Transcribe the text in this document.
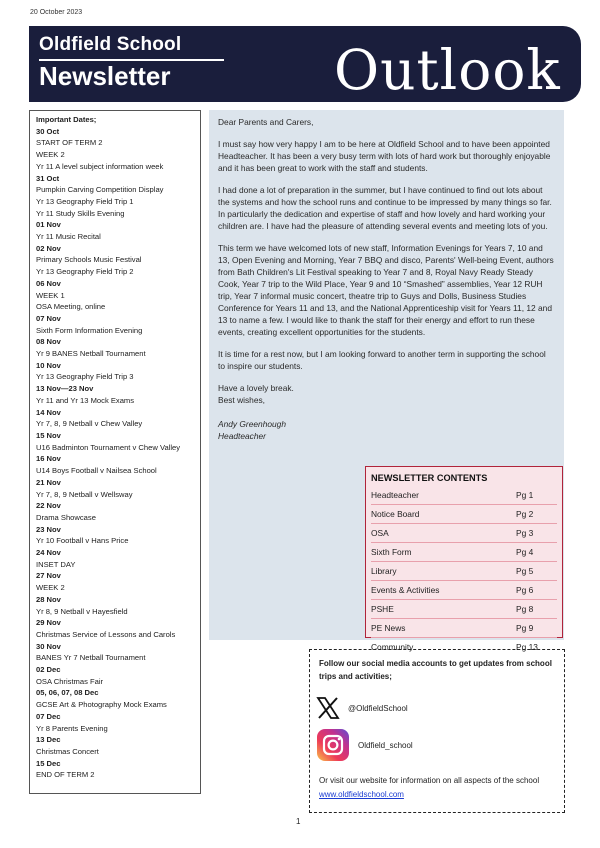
20 October 2023
Oldfield School
Newsletter	Outlook
Important Dates;
30 Oct
START OF TERM 2
WEEK 2
Yr 11 A level subject information week
31 Oct
Pumpkin Carving Competition Display
Yr 13 Geography Field Trip 1
Yr 11 Study Skills Evening
01 Nov
Yr 11 Music Recital
02 Nov
Primary Schools Music Festival
Yr 13 Geography Field Trip 2
06 Nov
WEEK 1
OSA Meeting, online
07 Nov
Sixth Form Information Evening
08 Nov
Yr 9 BANES Netball Tournament
10 Nov
Yr 13 Geography Field Trip 3
13 Nov—23 Nov
Yr 11 and Yr 13 Mock Exams
14 Nov
Yr 7, 8, 9 Netball v Chew Valley
15 Nov
U16 Badminton Tournament v Chew Valley
16 Nov
U14 Boys Football v Nailsea School
21 Nov
Yr 7, 8, 9 Netball v Wellsway
22 Nov
Drama Showcase
23 Nov
Yr 10 Football v Hans Price
24 Nov
INSET DAY
27 Nov
WEEK 2
28 Nov
Yr 8, 9 Netball v Hayesfield
29 Nov
Christmas Service of Lessons and Carols
30 Nov
BANES Yr 7 Netball Tournament
02 Dec
OSA Christmas Fair
05, 06, 07, 08 Dec
GCSE Art & Photography Mock Exams
07 Dec
Yr 8 Parents Evening
13 Dec
Christmas Concert
15 Dec
END OF TERM 2

Dear Parents and Carers,

I must say how very happy I am to be here at Oldfield School and to have been appointed Headteacher. It has been a very busy term with lots of hard work but thoroughly enjoyable and it has been great to work with the staff and students.

I had done a lot of preparation in the summer, but I have continued to find out lots about the systems and how the school runs and continue to be impressed by many things so far. In particularly the dedication and expertise of staff and how lovely and hard working your children are. I have had the pleasure of attending several events and meeting lots of you.

This term we have welcomed lots of new staff, Information Evenings for Years 7, 10 and 13, Open Evening and Morning, Year 7 BBQ and disco, Parents' Well-being Event, authors from Bath Children's Lit Festival speaking to Year 7 and 8, Royal Navy Ready Steady Cook, Year 7 trip to the Wild Place, Year 9 and 10 “Smashed” assemblies, Year 12 RUH trip, Year 7 informal music concert, theatre trip to Guys and Dolls, Business Studies Conference for Years 11 and 13, and the National Apprenticeship visit for Years 11, 12 and 13 to name a few. I would like to thank the staff for their energy and effort to run these events, creating excellent opportunities for the students.

It is time for a rest now, but I am looking forward to another term in supporting the school to inspire our students.

Have a lovely break.
Best wishes,
Andy Greenhough
Headteacher
NEWSLETTER CONTENTS
Headteacher	Pg 1
Notice Board	Pg 2
OSA	Pg 3
Sixth Form	Pg 4
Library	Pg 5
Events & Activities	Pg 6
PSHE	Pg 8
PE News	Pg 9
Community	Pg 13
Follow our social media accounts to get updates from school trips and activities;
@OldfieldSchool
Oldfield_school
Or visit our website for information on all aspects of the school www.oldfieldschool.com
1
